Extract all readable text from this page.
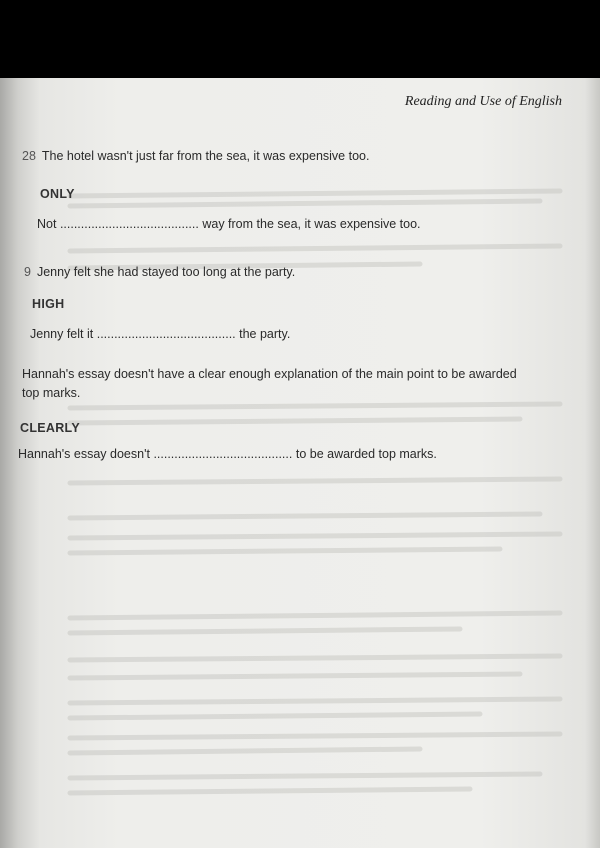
Reading and Use of English
28 The hotel wasn't just far from the sea, it was expensive too.
ONLY
Not ........................................ way from the sea, it was expensive too.
9 Jenny felt she had stayed too long at the party.
HIGH
Jenny felt it ........................................ the party.
Hannah's essay doesn't have a clear enough explanation of the main point to be awarded
top marks.
CLEARLY
Hannah's essay doesn't ........................................ to be awarded top marks.
